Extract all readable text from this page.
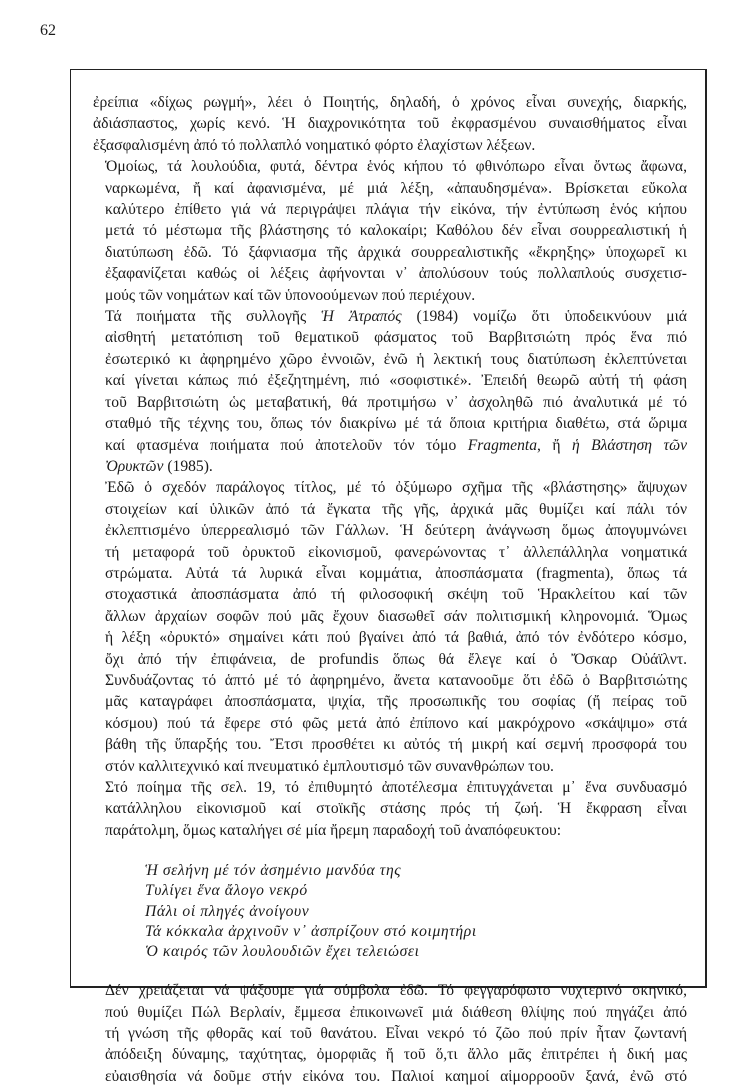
62

ἐρείπια «δίχως ρωγμή», λέει ὁ Ποιητής, δηλαδή, ὁ χρόνος εἶναι συνεχής, διαρκής,
ἀδιάσπαστος, χωρίς κενό. Ἡ διαχρονικότητα τοῦ ἐκφρασμένου συναισθήματος εἶναι
ἐξασφαλισμένη ἀπό τό πολλαπλό νοηματικό φόρτο ἐλαχίστων λέξεων.

Ὁμοίως, τά λουλούδια, φυτά, δέντρα ἑνός κήπου τό φθινόπωρο εἶναι ὄντως ἄφωνα,
ναρκωμένα, ἤ καί ἀφανισμένα, μέ μιά λέξη, «ἀπαυδησμένα». Βρίσκεται εὔκολα
καλύτερο ἐπίθετο γιά νά περιγράψει πλάγια τήν εἰκόνα, τήν ἐντύπωση ἑνός κήπου
μετά τό μέστωμα τῆς βλάστησης τό καλοκαίρι; Καθόλου δέν εἶναι σουρρεαλιστική ἡ
διατύπωση ἐδῶ. Τό ξάφνιασμα τῆς ἀρχικά σουρρεαλιστικῆς «ἔκρηξης» ὑποχωρεῖ κι
ἐξαφανίζεται καθώς οἱ λέξεις ἀφήνονται ν᾽ ἀπολύσουν τούς πολλαπλούς συσχετισ-
μούς τῶν νοημάτων καί τῶν ὑπονοούμενων πού περιέχουν.

Τά ποιήματα τῆς συλλογῆς Ἡ Ἀτραπός (1984) νομίζω ὅτι ὑποδεικνύουν μιά
αἰσθητή μετατόπιση τοῦ θεματικοῦ φάσματος τοῦ Βαρβιτσιώτη πρός ἕνα πιό
ἐσωτερικό κι ἀφηρημένο χῶρο ἐννοιῶν, ἐνῶ ἡ λεκτική τους διατύπωση ἐκλεπτύνεται
καί γίνεται κάπως πιό ἐξεζητημένη, πιό «σοφιστικέ». Ἐπειδή θεωρῶ αὐτή τή φάση
τοῦ Βαρβιτσιώτη ὡς μεταβατική, θά προτιμήσω ν᾽ ἀσχοληθῶ πιό ἀναλυτικά μέ τό
σταθμό τῆς τέχνης του, ὅπως τόν διακρίνω μέ τά ὅποια κριτήρια διαθέτω, στά ὥριμα
καί φτασμένα ποιήματα πού ἀποτελοῦν τόν τόμο Fragmenta, ἤ ἡ Βλάστηση τῶν
Ὀρυκτῶν (1985).

Ἐδῶ ὁ σχεδόν παράλογος τίτλος, μέ τό ὀξύμωρο σχῆμα τῆς «βλάστησης» ἄψυχων
στοιχείων καί ὑλικῶν ἀπό τά ἔγκατα τῆς γῆς, ἀρχικά μᾶς θυμίζει καί πάλι τόν
ἐκλεπτισμένο ὑπερρεαλισμό τῶν Γάλλων. Ἡ δεύτερη ἀνάγνωση ὅμως ἀπογυμνώνει
τή μεταφορά τοῦ ὀρυκτοῦ εἰκονισμοῦ, φανερώνοντας τ᾽ ἀλλεπάλληλα νοηματικά
στρώματα. Αὐτά τά λυρικά εἶναι κομμάτια, ἀποσπάσματα (fragmenta), ὅπως τά
στοχαστικά ἀποσπάσματα ἀπό τή φιλοσοφική σκέψη τοῦ Ἡρακλείτου καί τῶν
ἄλλων ἀρχαίων σοφῶν πού μᾶς ἔχουν διασωθεῖ σάν πολιτισμική κληρονομιά. Ὅμως
ἡ λέξη «ὀρυκτό» σημαίνει κάτι πού βγαίνει ἀπό τά βαθιά, ἀπό τόν ἐνδότερο κόσμο,
ὄχι ἀπό τήν ἐπιφάνεια, de profundis ὅπως θά ἔλεγε καί ὁ Ὄσκαρ Οὐάϊλντ.
Συνδυάζοντας τό ἁπτό μέ τό ἀφηρημένο, ἄνετα κατανοοῦμε ὅτι ἐδῶ ὁ Βαρβιτσιώτης
μᾶς καταγράφει ἀποσπάσματα, ψιχία, τῆς προσωπικῆς του σοφίας (ἤ πείρας τοῦ
κόσμου) πού τά ἔφερε στό φῶς μετά ἀπό ἐπίπονο καί μακρόχρονο «σκάψιμο» στά
βάθη τῆς ὕπαρξής του. Ἔτσι προσθέτει κι αὐτός τή μικρή καί σεμνή προσφορά του
στόν καλλιτεχνικό καί πνευματικό ἐμπλουτισμό τῶν συνανθρώπων του.

Στό ποίημα τῆς σελ. 19, τό ἐπιθυμητό ἀποτέλεσμα ἐπιτυγχάνεται μ᾽ ἕνα συνδυασμό
κατάλληλου εἰκονισμοῦ καί στοϊκῆς στάσης πρός τή ζωή. Ἡ ἔκφραση εἶναι
παράτολμη, ὅμως καταλήγει σέ μία ἤρεμη παραδοχή τοῦ ἀναπόφευκτου:

Ἡ σελήνη μέ τόν ἀσημένιο μανδύα της
Τυλίγει ἕνα ἄλογο νεκρό
Πάλι οἱ πληγές ἀνοίγουν
Τά κόκκαλα ἀρχινοῦν ν᾽ ἀσπρίζουν στό κοιμητήρι
Ὁ καιρός τῶν λουλουδιῶν ἔχει τελειώσει

Δέν χρειάζεται νά ψάξουμε γιά σύμβολα ἐδῶ. Τό φεγγαρόφωτο νυχτερινό σκηνικό,
πού θυμίζει Πώλ Βερλαίν, ἔμμεσα ἐπικοινωνεῖ μιά διάθεση θλίψης πού πηγάζει ἀπό
τή γνώση τῆς φθορᾶς καί τοῦ θανάτου. Εἶναι νεκρό τό ζῶο πού πρίν ἦταν ζωντανή
ἀπόδειξη δύναμης, ταχύτητας, ὀμορφιᾶς ἤ τοῦ ὅ,τι ἄλλο μᾶς ἐπιτρέπει ἡ δική μας
εὐαισθησία νά δοῦμε στήν εἰκόνα του. Παλιοί καημοί αἱμορροοῦν ξανά, ἐνῶ στό
